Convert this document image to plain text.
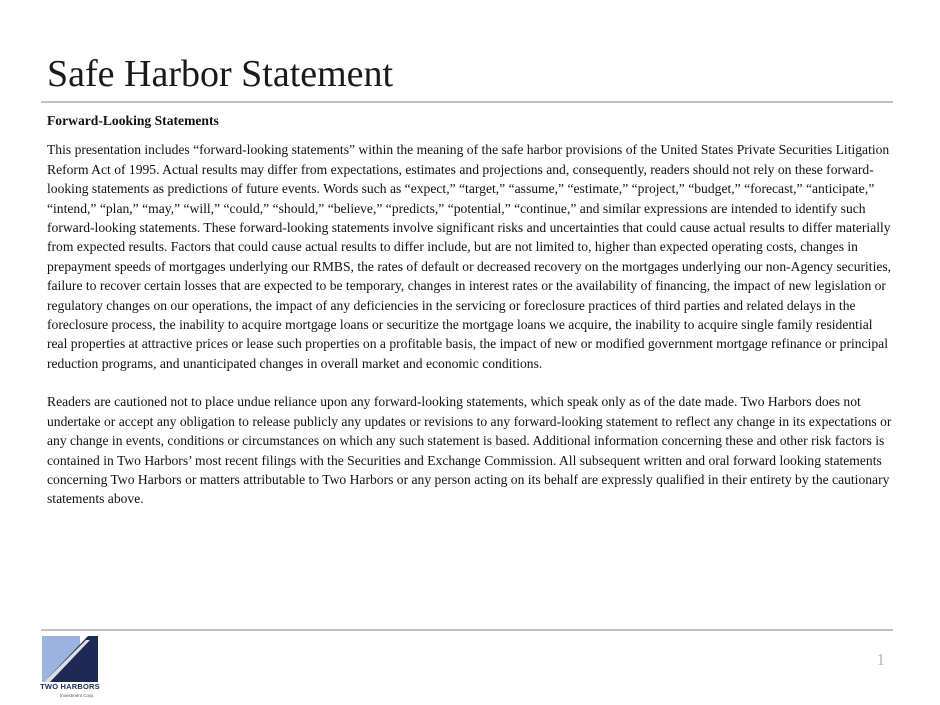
Safe Harbor Statement
Forward-Looking Statements

This presentation includes “forward-looking statements” within the meaning of the safe harbor provisions of the United States Private Securities Litigation Reform Act of 1995. Actual results may differ from expectations, estimates and projections and, consequently, readers should not rely on these forward-looking statements as predictions of future events. Words such as “expect,” “target,” “assume,” “estimate,” “project,” “budget,” “forecast,” “anticipate,” “intend,” “plan,” “may,” “will,” “could,” “should,” “believe,” “predicts,” “potential,” “continue,” and similar expressions are intended to identify such forward-looking statements. These forward-looking statements involve significant risks and uncertainties that could cause actual results to differ materially from expected results. Factors that could cause actual results to differ include, but are not limited to, higher than expected operating costs, changes in prepayment speeds of mortgages underlying our RMBS, the rates of default or decreased recovery on the mortgages underlying our non-Agency securities, failure to recover certain losses that are expected to be temporary, changes in interest rates or the availability of financing, the impact of new legislation or regulatory changes on our operations, the impact of any deficiencies in the servicing or foreclosure practices of third parties and related delays in the foreclosure process, the inability to acquire mortgage loans or securitize the mortgage loans we acquire, the inability to acquire single family residential real properties at attractive prices or lease such properties on a profitable basis, the impact of new or modified government mortgage refinance or principal reduction programs, and unanticipated changes in overall market and economic conditions.

Readers are cautioned not to place undue reliance upon any forward-looking statements, which speak only as of the date made. Two Harbors does not undertake or accept any obligation to release publicly any updates or revisions to any forward-looking statement to reflect any change in its expectations or any change in events, conditions or circumstances on which any such statement is based. Additional information concerning these and other risk factors is contained in Two Harbors’ most recent filings with the Securities and Exchange Commission. All subsequent written and oral forward looking statements concerning Two Harbors or matters attributable to Two Harbors or any person acting on its behalf are expressly qualified in their entirety by the cautionary statements above.

1
TWO HARBORS
Investment Corp.
